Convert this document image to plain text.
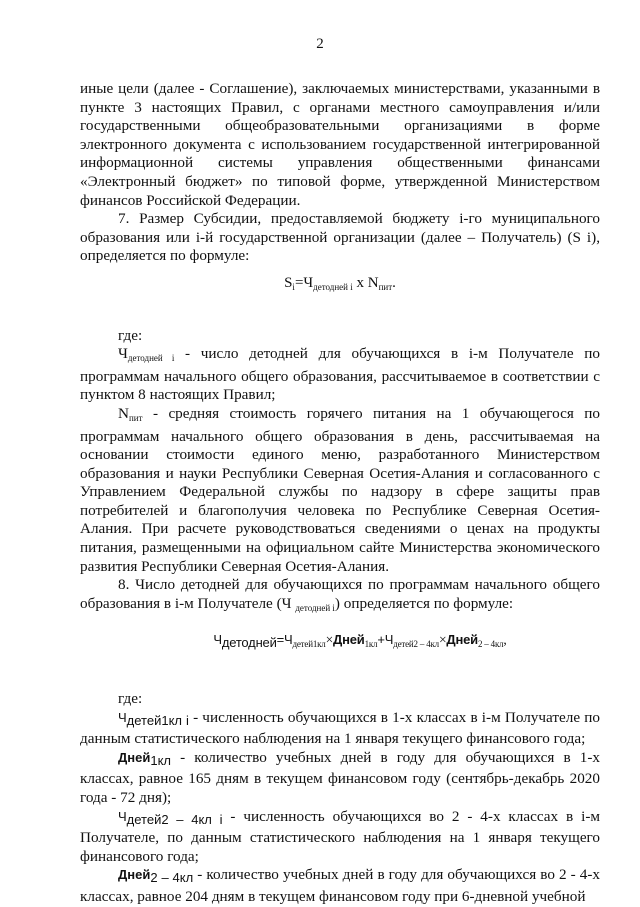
2

иные цели (далее - Соглашение), заключаемых министерствами, указанными в пункте 3 настоящих Правил, с органами местного самоуправления и/или государственными общеобразовательными организациями в форме электронного документа с использованием государственной интегрированной информационной системы управления общественными финансами «Электронный бюджет» по типовой форме, утвержденной Министерством финансов Российской Федерации.

7. Размер Субсидии, предоставляемой бюджету i-го муниципального образования или i-й государственной организации (далее – Получатель) (S i), определяется по формуле:

$S_i=Ч_{детодней i}$ х $N_{пит}$.

где:

$Ч_{детодней i}$ - число детодней для обучающихся в i-м Получателе по программам начального общего образования, рассчитываемое в соответствии с пунктом 8 настоящих Правил;

$N_{пит}$ - средняя стоимость горячего питания на 1 обучающегося по программам начального общего образования в день, рассчитываемая на основании стоимости единого меню, разработанного Министерством образования и науки Республики Северная Осетия-Алания и согласованного с Управлением Федеральной службы по надзору в сфере защиты прав потребителей и благополучия человека по Республике Северная Осетия-Алания. При расчете руководствоваться сведениями о ценах на продукты питания, размещенными на официальном сайте Министерства экономического развития Республики Северная Осетия-Алания.

8. Число детодней для обучающихся по программам начального общего образования в i-м Получателе (Ч $_{детодней i}$) определяется по формуле:

$Ч_{детодней}=Ч_{детей1кл}\times Дней_{1кл}+Ч_{детей2 - 4кл}\times Дней_{2 - 4кл}$,

где:

$Ч_{детей1кл i}$ - численность обучающихся в 1-х классах в i-м Получателе по данным статистического наблюдения на 1 января текущего финансового года;

Дней$_{1кл}$ - количество учебных дней в году для обучающихся в 1-х классах, равное 165 дням в текущем финансовом году (сентябрь-декабрь 2020 года - 72 дня);

$Ч_{детей2 - 4кл i}$ - численность обучающихся во 2 - 4-х классах в i-м Получателе, по данным статистического наблюдения на 1 января текущего финансового года;

Дней$_{2 - 4кл}$ - количество учебных дней в году для обучающихся во 2 - 4-х классах, равное 204 дням в текущем финансовом году при 6-дневной учебной
